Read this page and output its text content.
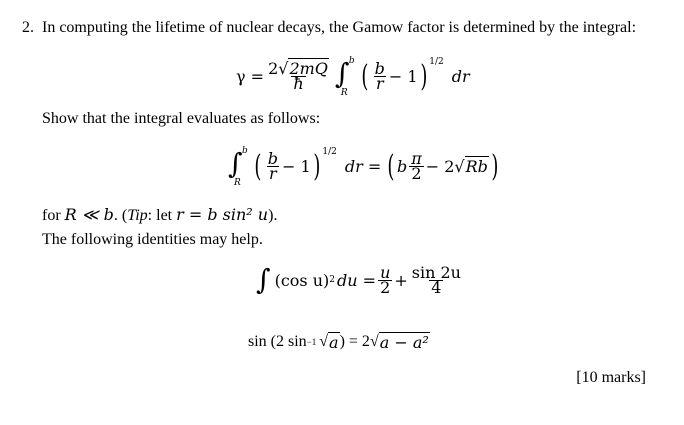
2. In computing the lifetime of nuclear decays, the Gamow factor is determined by the integral:
$\gamma = \frac{2√2mQ}{ħ}$ ∫ b
R ( $\frac{b}{r} - 1$ ) 1/2
dr
Show that the integral evaluates as follows:
∫ b
R ( $\frac{b}{r} - 1$ ) 1/2
dr = ( b $\frac{\pi}{2} - 2$ √ Rb )
for R ≪ b. (Tip: let r = b sin² u).
The following identities may help.
∫ (cos u) 2 du = $\frac{u}{2} + \frac{\sin 2u}{4}$
sin (2 sin −1 √ a ) = 2 √ a − a²
[10 marks]
